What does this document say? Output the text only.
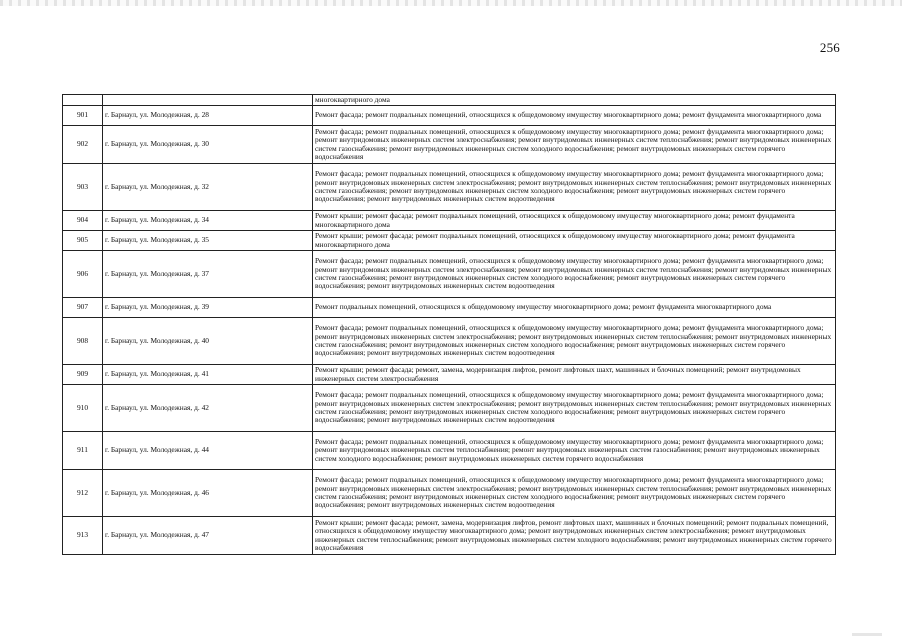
256
		многоквартирного дома
901	г. Барнаул, ул. Молодежная, д. 28	Ремонт фасада; ремонт подвальных помещений, относящихся к общедомовому имуществу многоквартирного дома; ремонт фундамента многоквартирного дома
902	г. Барнаул, ул. Молодежная, д. 30	Ремонт фасада; ремонт подвальных помещений, относящихся к общедомовому имуществу многоквартирного дома; ремонт фундамента многоквартирного дома; ремонт внутридомовых инженерных систем электроснабжения; ремонт внутридомовых инженерных систем теплоснабжения; ремонт внутридомовых инженерных систем газоснабжения; ремонт внутридомовых инженерных систем холодного водоснабжения; ремонт внутридомовых инженерных систем горячего водоснабжения
903	г. Барнаул, ул. Молодежная, д. 32	Ремонт фасада; ремонт подвальных помещений, относящихся к общедомовому имуществу многоквартирного дома; ремонт фундамента многоквартирного дома; ремонт внутридомовых инженерных систем электроснабжения; ремонт внутридомовых инженерных систем теплоснабжения; ремонт внутридомовых инженерных систем газоснабжения; ремонт внутридомовых инженерных систем холодного водоснабжения; ремонт внутридомовых инженерных систем горячего водоснабжения; ремонт внутридомовых инженерных систем водоотведения
904	г. Барнаул, ул. Молодежная, д. 34	Ремонт крыши; ремонт фасада; ремонт подвальных помещений, относящихся к общедомовому имуществу многоквартирного дома; ремонт фундамента многоквартирного дома
905	г. Барнаул, ул. Молодежная, д. 35	Ремонт крыши; ремонт фасада; ремонт подвальных помещений, относящихся к общедомовому имуществу многоквартирного дома; ремонт фундамента многоквартирного дома
906	г. Барнаул, ул. Молодежная, д. 37	Ремонт фасада; ремонт подвальных помещений, относящихся к общедомовому имуществу многоквартирного дома; ремонт фундамента многоквартирного дома; ремонт внутридомовых инженерных систем электроснабжения; ремонт внутридомовых инженерных систем теплоснабжения; ремонт внутридомовых инженерных систем газоснабжения; ремонт внутридомовых инженерных систем холодного водоснабжения; ремонт внутридомовых инженерных систем горячего водоснабжения; ремонт внутридомовых инженерных систем водоотведения
907	г. Барнаул, ул. Молодежная, д. 39	Ремонт подвальных помещений, относящихся к общедомовому имуществу многоквартирного дома; ремонт фундамента многоквартирного дома
908	г. Барнаул, ул. Молодежная, д. 40	Ремонт фасада; ремонт подвальных помещений, относящихся к общедомовому имуществу многоквартирного дома; ремонт фундамента многоквартирного дома; ремонт внутридомовых инженерных систем электроснабжения; ремонт внутридомовых инженерных систем теплоснабжения; ремонт внутридомовых инженерных систем газоснабжения; ремонт внутридомовых инженерных систем холодного водоснабжения; ремонт внутридомовых инженерных систем горячего водоснабжения; ремонт внутридомовых инженерных систем водоотведения
909	г. Барнаул, ул. Молодежная, д. 41	Ремонт крыши; ремонт фасада; ремонт, замена, модернизация лифтов, ремонт лифтовых шахт, машинных и блочных помещений; ремонт внутридомовых инженерных систем электроснабжения
910	г. Барнаул, ул. Молодежная, д. 42	Ремонт фасада; ремонт подвальных помещений, относящихся к общедомовому имуществу многоквартирного дома; ремонт фундамента многоквартирного дома; ремонт внутридомовых инженерных систем электроснабжения; ремонт внутридомовых инженерных систем теплоснабжения; ремонт внутридомовых инженерных систем газоснабжения; ремонт внутридомовых инженерных систем холодного водоснабжения; ремонт внутридомовых инженерных систем горячего водоснабжения; ремонт внутридомовых инженерных систем водоотведения
911	г. Барнаул, ул. Молодежная, д. 44	Ремонт фасада; ремонт подвальных помещений, относящихся к общедомовому имуществу многоквартирного дома; ремонт фундамента многоквартирного дома; ремонт внутридомовых инженерных систем теплоснабжения; ремонт внутридомовых инженерных систем газоснабжения; ремонт внутридомовых инженерных систем холодного водоснабжения; ремонт внутридомовых инженерных систем горячего водоснабжения
912	г. Барнаул, ул. Молодежная, д. 46	Ремонт фасада; ремонт подвальных помещений, относящихся к общедомовому имуществу многоквартирного дома; ремонт фундамента многоквартирного дома; ремонт внутридомовых инженерных систем электроснабжения; ремонт внутридомовых инженерных систем теплоснабжения; ремонт внутридомовых инженерных систем газоснабжения; ремонт внутридомовых инженерных систем холодного водоснабжения; ремонт внутридомовых инженерных систем горячего водоснабжения; ремонт внутридомовых инженерных систем водоотведения
913	г. Барнаул, ул. Молодежная, д. 47	Ремонт крыши; ремонт фасада; ремонт, замена, модернизация лифтов, ремонт лифтовых шахт, машинных и блочных помещений; ремонт подвальных помещений, относящихся к общедомовому имуществу многоквартирного дома; ремонт внутридомовых инженерных систем электроснабжения; ремонт внутридомовых инженерных систем теплоснабжения; ремонт внутридомовых инженерных систем холодного водоснабжения; ремонт внутридомовых инженерных систем горячего водоснабжения
